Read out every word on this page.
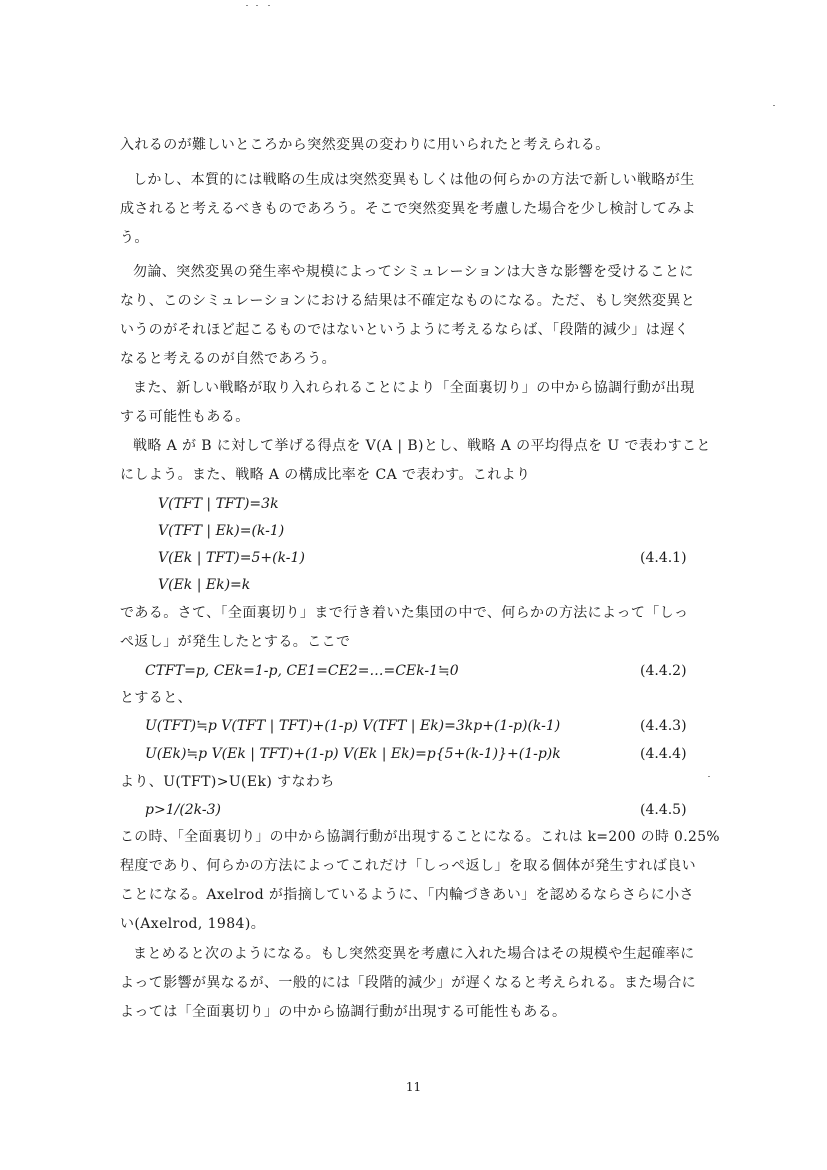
入れるのが難しいところから突然変異の変わりに用いられたと考えられる。
しかし、本質的には戦略の生成は突然変異もしくは他の何らかの方法で新しい戦略が生
成されると考えるべきものであろう。そこで突然変異を考慮した場合を少し検討してみよ
う。
勿論、突然変異の発生率や規模によってシミュレーションは大きな影響を受けることに
なり、このシミュレーションにおける結果は不確定なものになる。ただ、もし突然変異と
いうのがそれほど起こるものではないというように考えるならば、「段階的減少」は遅く
なると考えるのが自然であろう。
また、新しい戦略が取り入れられることにより「全面裏切り」の中から協調行動が出現
する可能性もある。
戦略 A が B に対して挙げる得点を V(A | B)とし、戦略 A の平均得点を U で表わすこと
にしよう。また、戦略 A の構成比率を CA で表わす。これより
V(TFT | TFT)=3k
V(TFT | Ek)=(k-1)
V(Ek | TFT)=5+(k-1)	(4.4.1)
V(Ek | Ek)=k
である。さて、「全面裏切り」まで行き着いた集団の中で、何らかの方法によって「しっ
ぺ返し」が発生したとする。ここで
CTFT=p, CEk=1-p, CE1=CE2=…=CEk-1≒0	(4.4.2)
とすると、
U(TFT)≒p V(TFT | TFT)+(1-p) V(TFT | Ek)=3kp+(1-p)(k-1)	(4.4.3)
U(Ek)≒p V(Ek | TFT)+(1-p) V(Ek | Ek)=p{5+(k-1)}+(1-p)k	(4.4.4)
より、U(TFT)>U(Ek) すなわち
p>1/(2k-3)	(4.4.5)
この時、「全面裏切り」の中から協調行動が出現することになる。これは k=200 の時 0.25%
程度であり、何らかの方法によってこれだけ「しっぺ返し」を取る個体が発生すれば良い
ことになる。Axelrod が指摘しているように、「内輪づきあい」を認めるならさらに小さ
い(Axelrod, 1984)。
まとめると次のようになる。もし突然変異を考慮に入れた場合はその規模や生起確率に
よって影響が異なるが、一般的には「段階的減少」が遅くなると考えられる。また場合に
よっては「全面裏切り」の中から協調行動が出現する可能性もある。
11
